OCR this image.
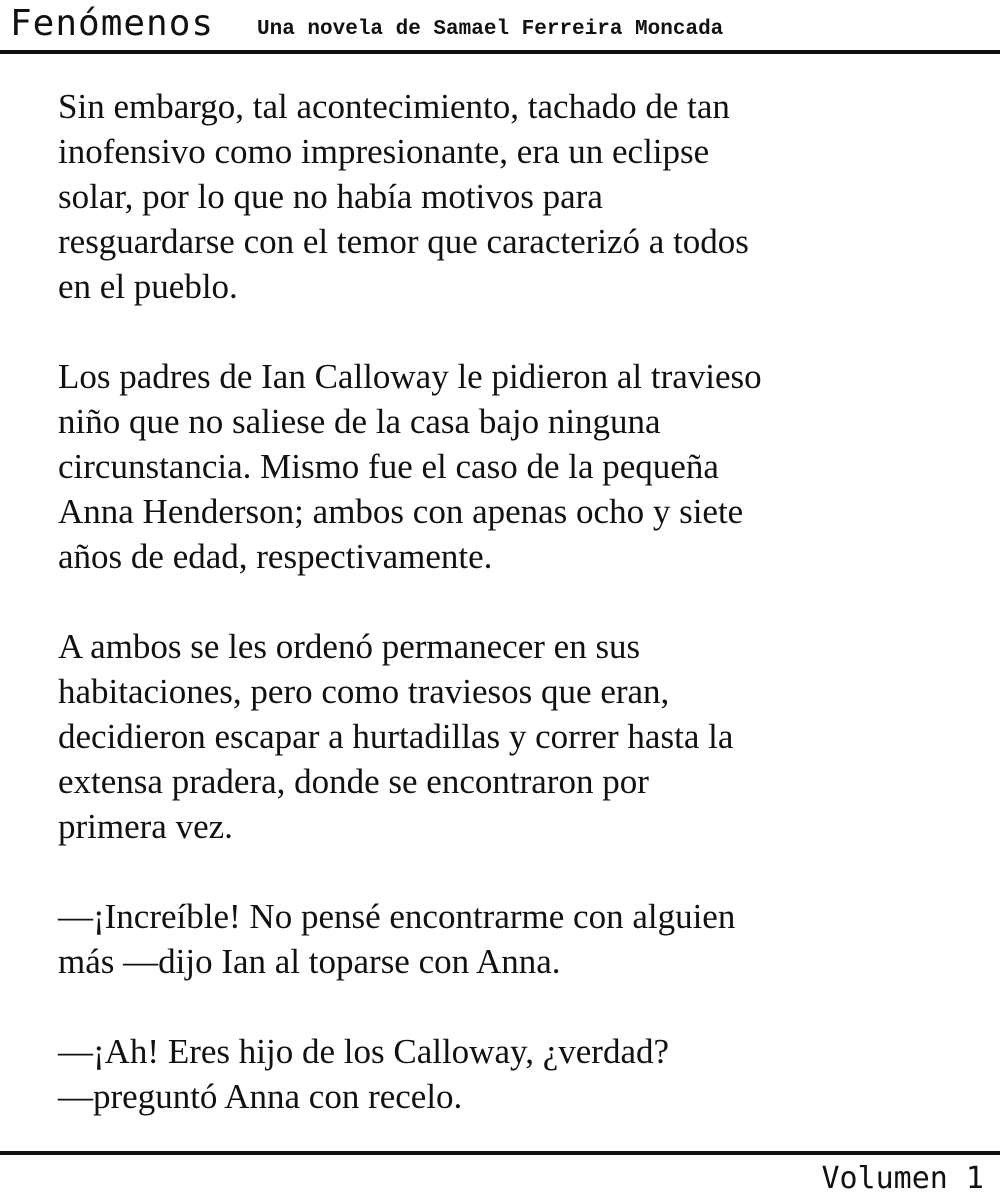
Fenómenos Una novela de Samael Ferreira Moncada

Sin embargo, tal acontecimiento, tachado de tan
inofensivo como impresionante, era un eclipse
solar, por lo que no había motivos para
resguardarse con el temor que caracterizó a todos
en el pueblo.

Los padres de Ian Calloway le pidieron al travieso
niño que no saliese de la casa bajo ninguna
circunstancia. Mismo fue el caso de la pequeña
Anna Henderson; ambos con apenas ocho y siete
años de edad, respectivamente.

A ambos se les ordenó permanecer en sus
habitaciones, pero como traviesos que eran,
decidieron escapar a hurtadillas y correr hasta la
extensa pradera, donde se encontraron por
primera vez.

—¡Increíble! No pensé encontrarme con alguien
más —dijo Ian al toparse con Anna.

—¡Ah! Eres hijo de los Calloway, ¿verdad?
—preguntó Anna con recelo.

Volumen 1
